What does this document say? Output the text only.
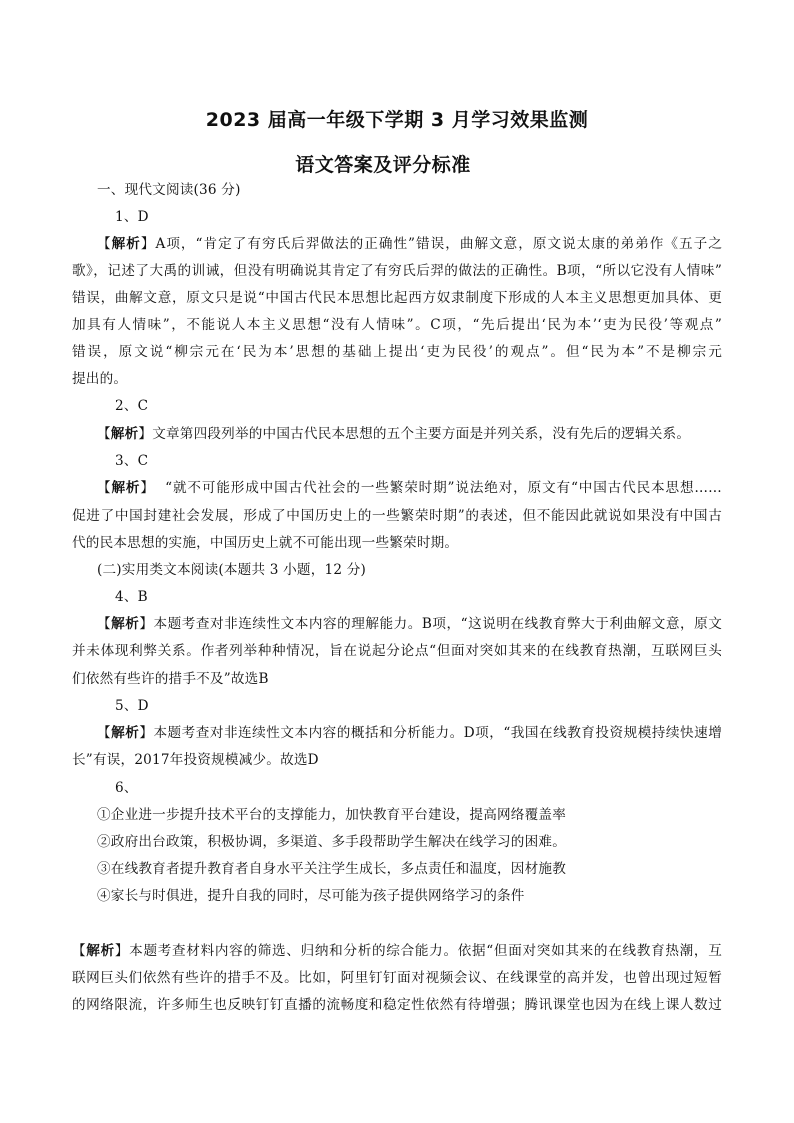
2023 届高一年级下学期 3 月学习效果监测
语文答案及评分标准
一、现代文阅读(36 分)
1、D
【解析】A项，“肯定了有穷氏后羿做法的正确性”错误，曲解文意，原文说太康的弟弟作《五子之
歌》，记述了大禹的训诫，但没有明确说其肯定了有穷氏后羿的做法的正确性。B项，“所以它没有人情味”
错误，曲解文意，原文只是说“中国古代民本思想比起西方奴隶制度下形成的人本主义思想更加具体、更
加具有人情味”，不能说人本主义思想“没有人情味”。C项，“先后提出‘民为本’‘吏为民役’等观点”
错误，原文说“柳宗元在‘民为本’思想的基础上提出‘吏为民役’的观点”。但“民为本”不是柳宗元
提出的。
2、C
【解析】文章第四段列举的中国古代民本思想的五个主要方面是并列关系，没有先后的逻辑关系。
3、C
【解析】 “就不可能形成中国古代社会的一些繁荣时期”说法绝对，原文有“中国古代民本思想……
促进了中国封建社会发展，形成了中国历史上的一些繁荣时期”的表述，但不能因此就说如果没有中国古
代的民本思想的实施，中国历史上就不可能出现一些繁荣时期。
(二)实用类文本阅读(本题共 3 小题，12 分)
4、B
【解析】本题考查对非连续性文本内容的理解能力。B项，“这说明在线教育弊大于利曲解文意，原文
并未体现利弊关系。作者列举种种情况，旨在说起分论点“但面对突如其来的在线教育热潮，互联网巨头
们依然有些许的措手不及”故选B
5、D
【解析】本题考查对非连续性文本内容的概括和分析能力。D项，“我国在线教育投资规模持续快速增
长”有误，2017年投资规模减少。故选D
6、
①企业进一步提升技术平台的支撑能力，加快教育平台建设，提高网络覆盖率
②政府出台政策，积极协调，多渠道、多手段帮助学生解决在线学习的困难。
③在线教育者提升教育者自身水平关注学生成长，多点责任和温度，因材施教
④家长与时俱进，提升自我的同时，尽可能为孩子提供网络学习的条件
【解析】本题考查材料内容的筛选、归纳和分析的综合能力。依据“但面对突如其来的在线教育热潮，互
联网巨头们依然有些许的措手不及。比如，阿里钉钉面对视频会议、在线课堂的高并发，也曾出现过短暂
的网络限流，许多师生也反映钉钉直播的流畅度和稳定性依然有待增强；腾讯课堂也因为在线上课人数过
